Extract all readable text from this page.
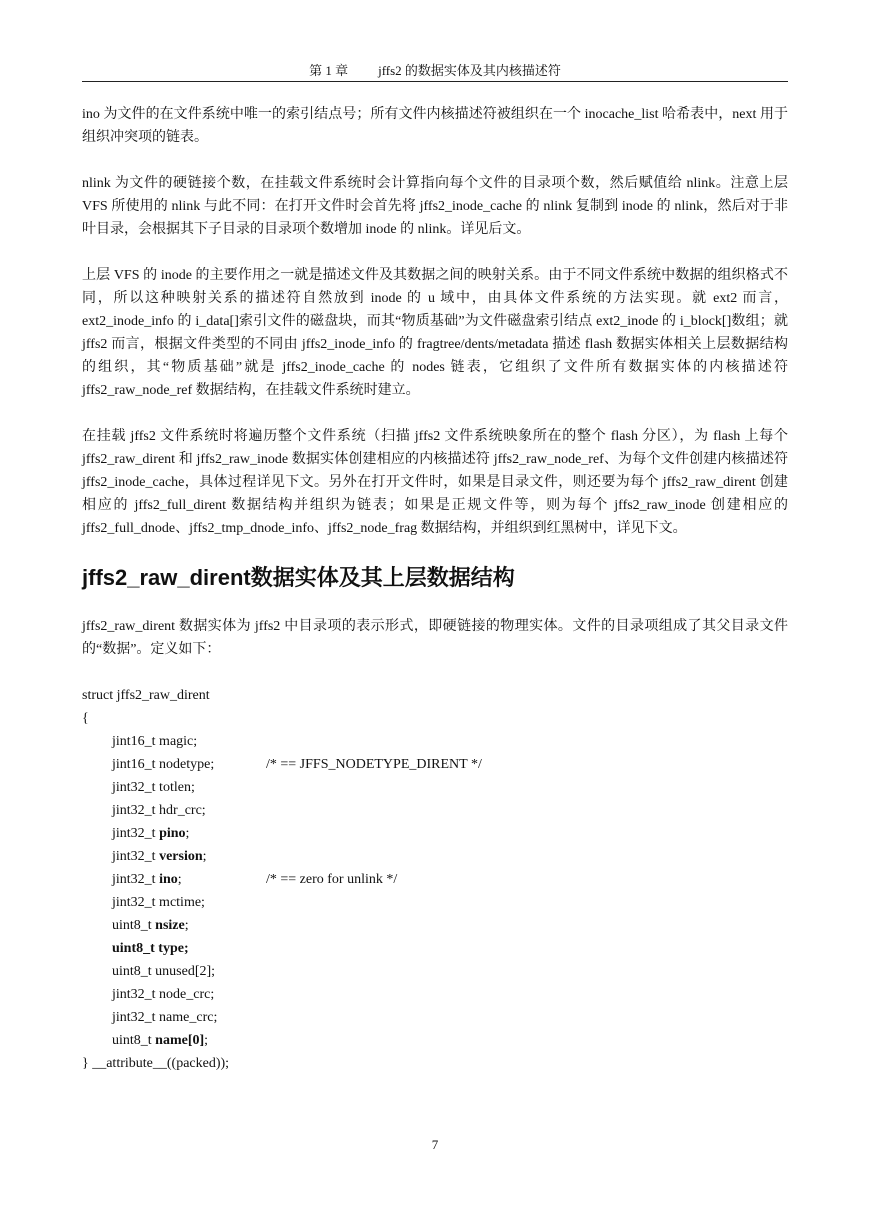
第 1 章 jffs2 的数据实体及其内核描述符

ino 为文件的在文件系统中唯一的索引结点号；所有文件内核描述符被组织在一个 inocache_list 哈希表中，next 用于组织冲突项的链表。

nlink 为文件的硬链接个数，在挂载文件系统时会计算指向每个文件的目录项个数，然后赋值给 nlink。注意上层 VFS 所使用的 nlink 与此不同：在打开文件时会首先将 jffs2_inode_cache 的 nlink 复制到 inode 的 nlink，然后对于非叶目录，会根据其下子目录的目录项个数增加 inode 的 nlink。详见后文。

上层 VFS 的 inode 的主要作用之一就是描述文件及其数据之间的映射关系。由于不同文件系统中数据的组织格式不同，所以这种映射关系的描述符自然放到 inode 的 u 域中，由具体文件系统的方法实现。就 ext2 而言，ext2_inode_info 的 i_data[]索引文件的磁盘块，而其“物质基础”为文件磁盘索引结点 ext2_inode 的 i_block[]数组；就 jffs2 而言，根据文件类型的不同由 jffs2_inode_info 的 fragtree/dents/metadata 描述 flash 数据实体相关上层数据结构的组织，其“物质基础”就是 jffs2_inode_cache 的 nodes 链表，它组织了文件所有数据实体的内核描述符 jffs2_raw_node_ref 数据结构，在挂载文件系统时建立。

在挂载 jffs2 文件系统时将遍历整个文件系统（扫描 jffs2 文件系统映象所在的整个 flash 分区），为 flash 上每个 jffs2_raw_dirent 和 jffs2_raw_inode 数据实体创建相应的内核描述符 jffs2_raw_node_ref、为每个文件创建内核描述符 jffs2_inode_cache，具体过程详见下文。另外在打开文件时，如果是目录文件，则还要为每个 jffs2_raw_dirent 创建相应的 jffs2_full_dirent 数据结构并组织为链表；如果是正规文件等，则为每个 jffs2_raw_inode 创建相应的 jffs2_full_dnode、jffs2_tmp_dnode_info、jffs2_node_frag 数据结构，并组织到红黑树中，详见下文。

jffs2_raw_dirent数据实体及其上层数据结构

jffs2_raw_dirent 数据实体为 jffs2 中目录项的表示形式，即硬链接的物理实体。文件的目录项组成了其父目录文件的“数据”。定义如下：

struct jffs2_raw_dirent
{
jint16_t magic;
jint16_t nodetype;	/* == JFFS_NODETYPE_DIRENT */
jint32_t totlen;
jint32_t hdr_crc;
jint32_t pino;
jint32_t version;
jint32_t ino;	/* == zero for unlink */
jint32_t mctime;
uint8_t nsize;
uint8_t type;
uint8_t unused[2];
jint32_t node_crc;
jint32_t name_crc;
uint8_t name[0];
} __attribute__((packed));
7
